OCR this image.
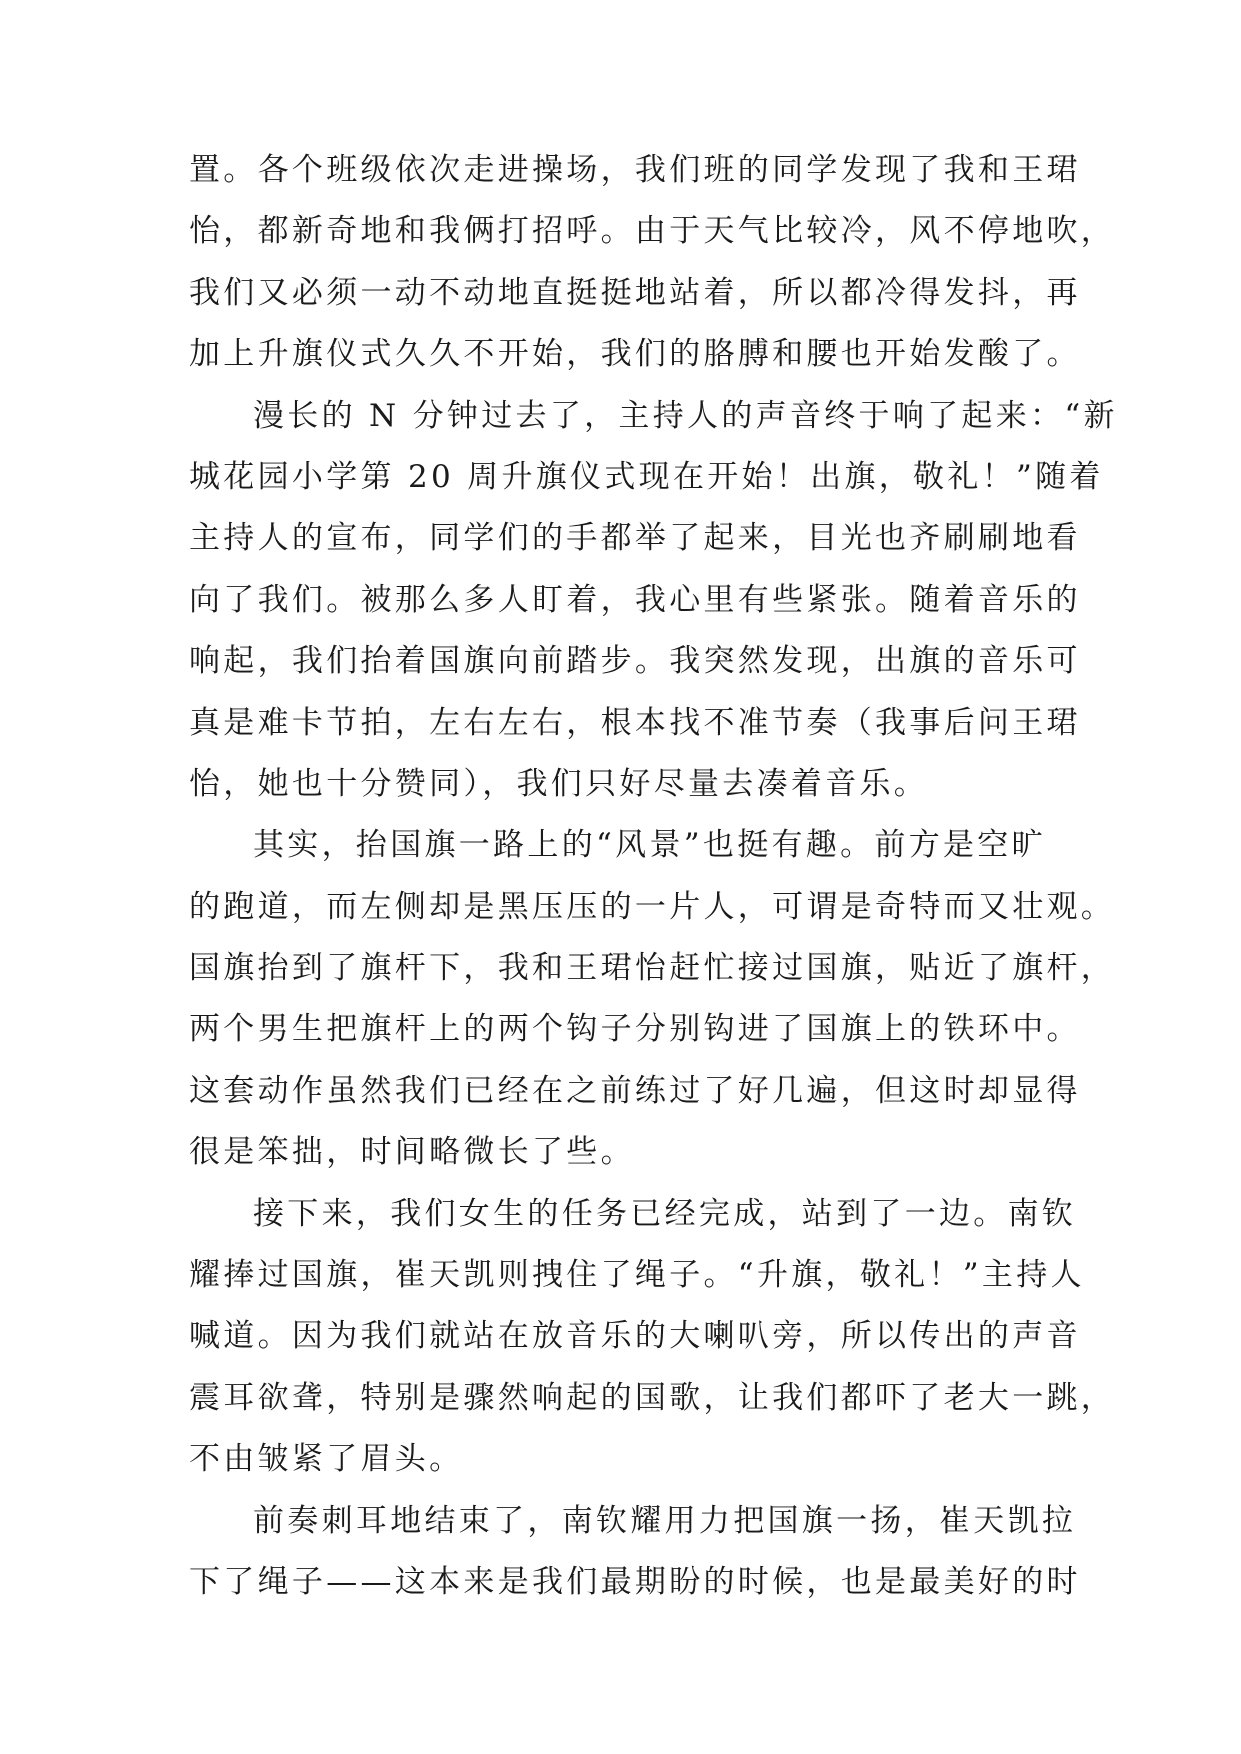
置。各个班级依次走进操场，我们班的同学发现了我和王珺
怡，都新奇地和我俩打招呼。由于天气比较冷，风不停地吹，
我们又必须一动不动地直挺挺地站着，所以都冷得发抖，再
加上升旗仪式久久不开始，我们的胳膊和腰也开始发酸了。
漫长的 N 分钟过去了，主持人的声音终于响了起来：“新
城花园小学第 20 周升旗仪式现在开始！出旗，敬礼！”随着
主持人的宣布，同学们的手都举了起来，目光也齐刷刷地看
向了我们。被那么多人盯着，我心里有些紧张。随着音乐的
响起，我们抬着国旗向前踏步。我突然发现，出旗的音乐可
真是难卡节拍，左右左右，根本找不准节奏（我事后问王珺
怡，她也十分赞同），我们只好尽量去凑着音乐。
其实，抬国旗一路上的“风景”也挺有趣。前方是空旷
的跑道，而左侧却是黑压压的一片人，可谓是奇特而又壮观。
国旗抬到了旗杆下，我和王珺怡赶忙接过国旗，贴近了旗杆，
两个男生把旗杆上的两个钩子分别钩进了国旗上的铁环中。
这套动作虽然我们已经在之前练过了好几遍，但这时却显得
很是笨拙，时间略微长了些。
接下来，我们女生的任务已经完成，站到了一边。南钦
耀捧过国旗，崔天凯则拽住了绳子。“升旗，敬礼！”主持人
喊道。因为我们就站在放音乐的大喇叭旁，所以传出的声音
震耳欲聋，特别是骤然响起的国歌，让我们都吓了老大一跳，
不由皱紧了眉头。
前奏刺耳地结束了，南钦耀用力把国旗一扬，崔天凯拉
下了绳子——这本来是我们最期盼的时候，也是最美好的时
